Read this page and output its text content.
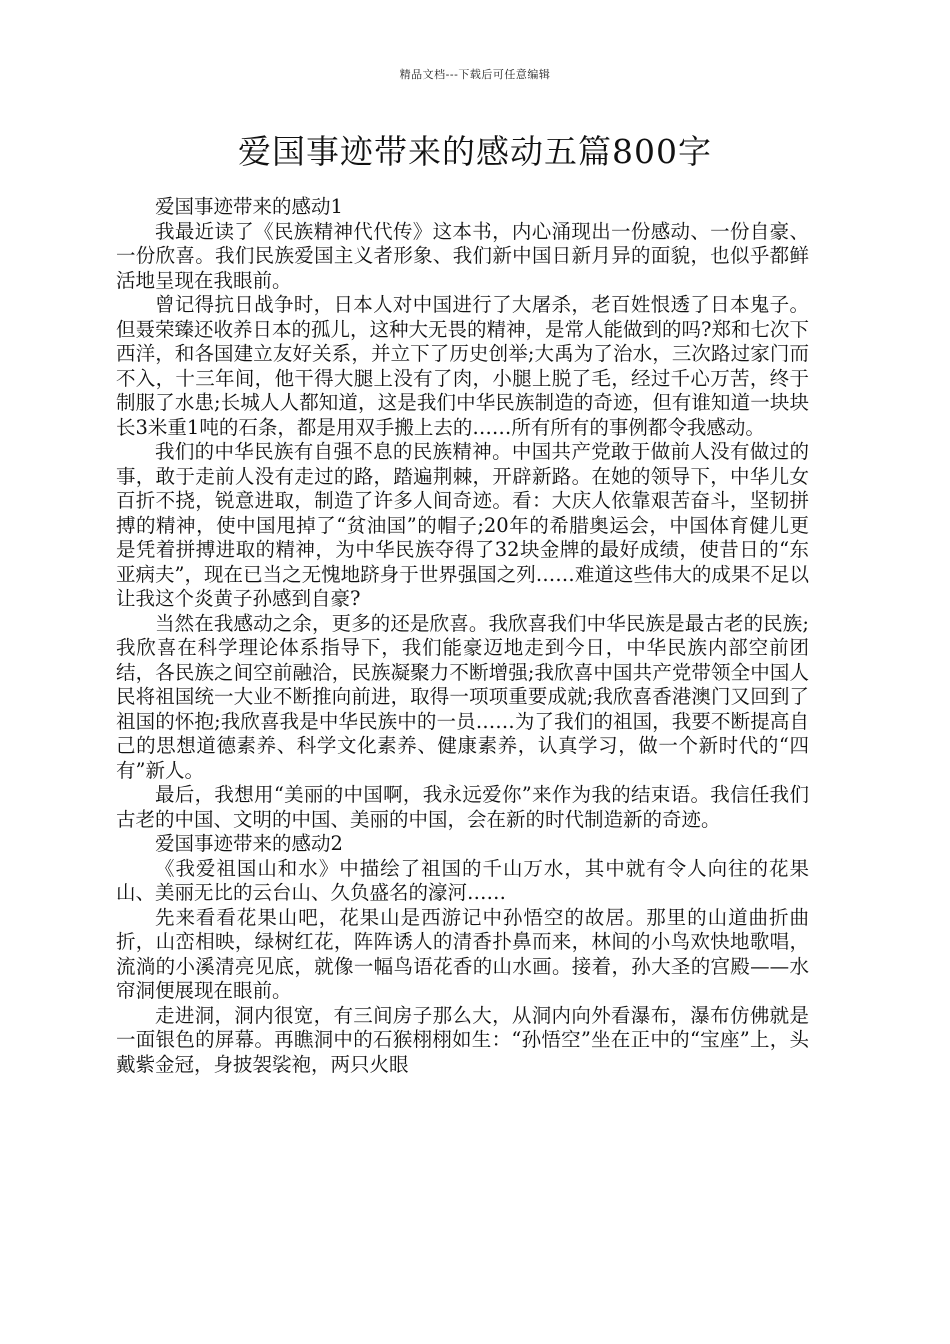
精品文档---下载后可任意编辑
爱国事迹带来的感动五篇800字

爱国事迹带来的感动1

我最近读了《民族精神代代传》这本书，内心涌现出一份感动、一份自豪、一份欣喜。我们民族爱国主义者形象、我们新中国日新月异的面貌，也似乎都鲜活地呈现在我眼前。

曾记得抗日战争时，日本人对中国进行了大屠杀，老百姓恨透了日本鬼子。但聂荣臻还收养日本的孤儿，这种大无畏的精神，是常人能做到的吗?郑和七次下西洋，和各国建立友好关系，并立下了历史创举;大禹为了治水，三次路过家门而不入，十三年间，他干得大腿上没有了肉，小腿上脱了毛，经过千心万苦，终于制服了水患;长城人人都知道，这是我们中华民族制造的奇迹，但有谁知道一块块长3米重1吨的石条，都是用双手搬上去的……所有所有的事例都令我感动。

我们的中华民族有自强不息的民族精神。中国共产党敢于做前人没有做过的事，敢于走前人没有走过的路，踏遍荆棘，开辟新路。在她的领导下，中华儿女百折不挠，锐意进取，制造了许多人间奇迹。看：大庆人依靠艰苦奋斗，坚韧拼搏的精神，使中国甩掉了“贫油国”的帽子;20年的希腊奥运会，中国体育健儿更是凭着拼搏进取的精神，为中华民族夺得了32块金牌的最好成绩，使昔日的“东亚病夫”，现在已当之无愧地跻身于世界强国之列……难道这些伟大的成果不足以让我这个炎黄子孙感到自豪?

当然在我感动之余，更多的还是欣喜。我欣喜我们中华民族是最古老的民族;我欣喜在科学理论体系指导下，我们能豪迈地走到今日，中华民族内部空前团结，各民族之间空前融洽，民族凝聚力不断增强;我欣喜中国共产党带领全中国人民将祖国统一大业不断推向前进，取得一项项重要成就;我欣喜香港澳门又回到了祖国的怀抱;我欣喜我是中华民族中的一员……为了我们的祖国，我要不断提高自己的思想道德素养、科学文化素养、健康素养，认真学习，做一个新时代的“四有”新人。

最后，我想用“美丽的中国啊，我永远爱你”来作为我的结束语。我信任我们古老的中国、文明的中国、美丽的中国，会在新的时代制造新的奇迹。

爱国事迹带来的感动2

《我爱祖国山和水》中描绘了祖国的千山万水，其中就有令人向往的花果山、美丽无比的云台山、久负盛名的濠河……

先来看看花果山吧，花果山是西游记中孙悟空的故居。那里的山道曲折曲折，山峦相映，绿树红花，阵阵诱人的清香扑鼻而来，林间的小鸟欢快地歌唱，流淌的小溪清亮见底，就像一幅鸟语花香的山水画。接着，孙大圣的宫殿——水帘洞便展现在眼前。

走进洞，洞内很宽，有三间房子那么大，从洞内向外看瀑布，瀑布仿佛就是一面银色的屏幕。再瞧洞中的石猴栩栩如生：“孙悟空”坐在正中的“宝座”上，头戴紫金冠，身披袈裟袍，两只火眼
